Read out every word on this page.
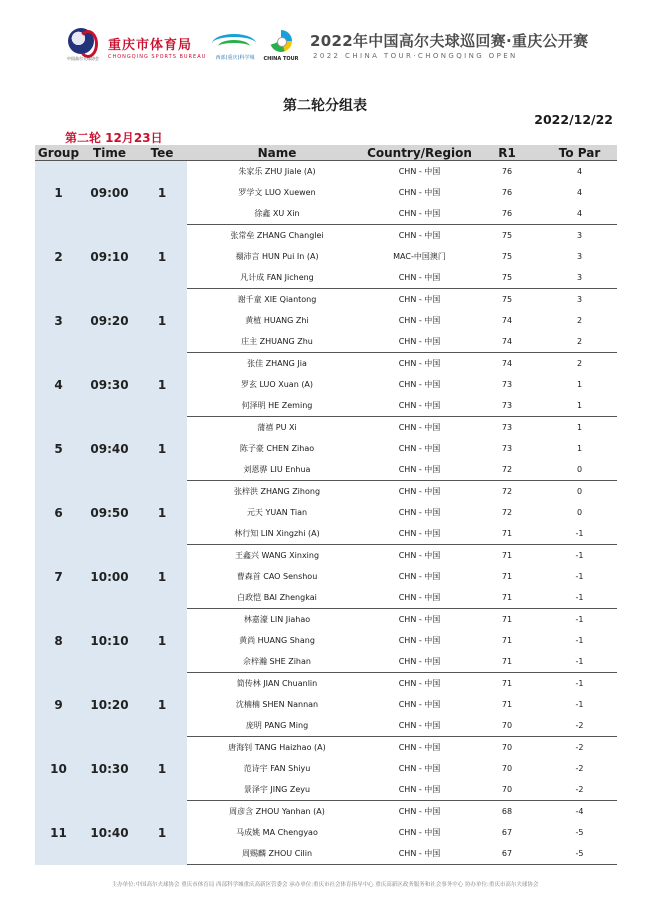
中国高尔夫球协会
重庆市体育局
CHONGQING SPORTS BUREAU	西部(重庆)科学城	CHINA TOUR
2022年中国高尔夫球巡回赛·重庆公开赛
2022 CHINA TOUR·CHONGQING OPEN
第二轮分组表
2022/12/22
第二轮 12月23日
Group	Time	Tee	Name	Country/Region	R1	To Par
1	09:00	1	朱家乐 ZHU Jiale (A)	CHN - 中国	76	4
			罗学文 LUO Xuewen	CHN - 中国	76	4
			徐鑫 XU Xin	CHN - 中国	76	4
2	09:10	1	张常垒 ZHANG Changlei	CHN - 中国	75	3
			禤沛言 HUN Pui In (A)	MAC-中国澳门	75	3
			凡计成 FAN Jicheng	CHN - 中国	75	3
3	09:20	1	谢千童 XIE Qiantong	CHN - 中国	75	3
			黄植 HUANG Zhi	CHN - 中国	74	2
			庄主 ZHUANG Zhu	CHN - 中国	74	2
4	09:30	1	张佳 ZHANG Jia	CHN - 中国	74	2
			罗玄 LUO Xuan (A)	CHN - 中国	73	1
			何泽明 HE Zeming	CHN - 中国	73	1
5	09:40	1	蒲禧 PU Xi	CHN - 中国	73	1
			陈子豪 CHEN Zihao	CHN - 中国	73	1
			刘恩骅 LIU Enhua	CHN - 中国	72	0
6	09:50	1	张梓洪 ZHANG Zihong	CHN - 中国	72	0
			元天 YUAN Tian	CHN - 中国	72	0
			林行知 LIN Xingzhi (A)	CHN - 中国	71	-1
7	10:00	1	王鑫兴 WANG Xinxing	CHN - 中国	71	-1
			曹森首 CAO Senshou	CHN - 中国	71	-1
			白政恺 BAI Zhengkai	CHN - 中国	71	-1
8	10:10	1	林嘉濠 LIN Jiahao	CHN - 中国	71	-1
			黄尚 HUANG Shang	CHN - 中国	71	-1
			佘梓瀚 SHE Zihan	CHN - 中国	71	-1
9	10:20	1	简传林 JIAN Chuanlin	CHN - 中国	71	-1
			沈楠楠 SHEN Nannan	CHN - 中国	71	-1
			庞明 PANG Ming	CHN - 中国	70	-2
10	10:30	1	唐海钊 TANG Haizhao (A)	CHN - 中国	70	-2
			范诗宇 FAN Shiyu	CHN - 中国	70	-2
			景泽宇 JING Zeyu	CHN - 中国	70	-2
11	10:40	1	周彦含 ZHOU Yanhan (A)	CHN - 中国	68	-4
			马成姚 MA Chengyao	CHN - 中国	67	-5
			周赐麟 ZHOU Cilin	CHN - 中国	67	-5
主办单位:中国高尔夫球协会 重庆市体育局 西部科学城重庆高新区管委会 承办单位:重庆市社会体育指导中心 重庆高新区政务服务和社会事务中心 协办单位:重庆市高尔夫球协会
